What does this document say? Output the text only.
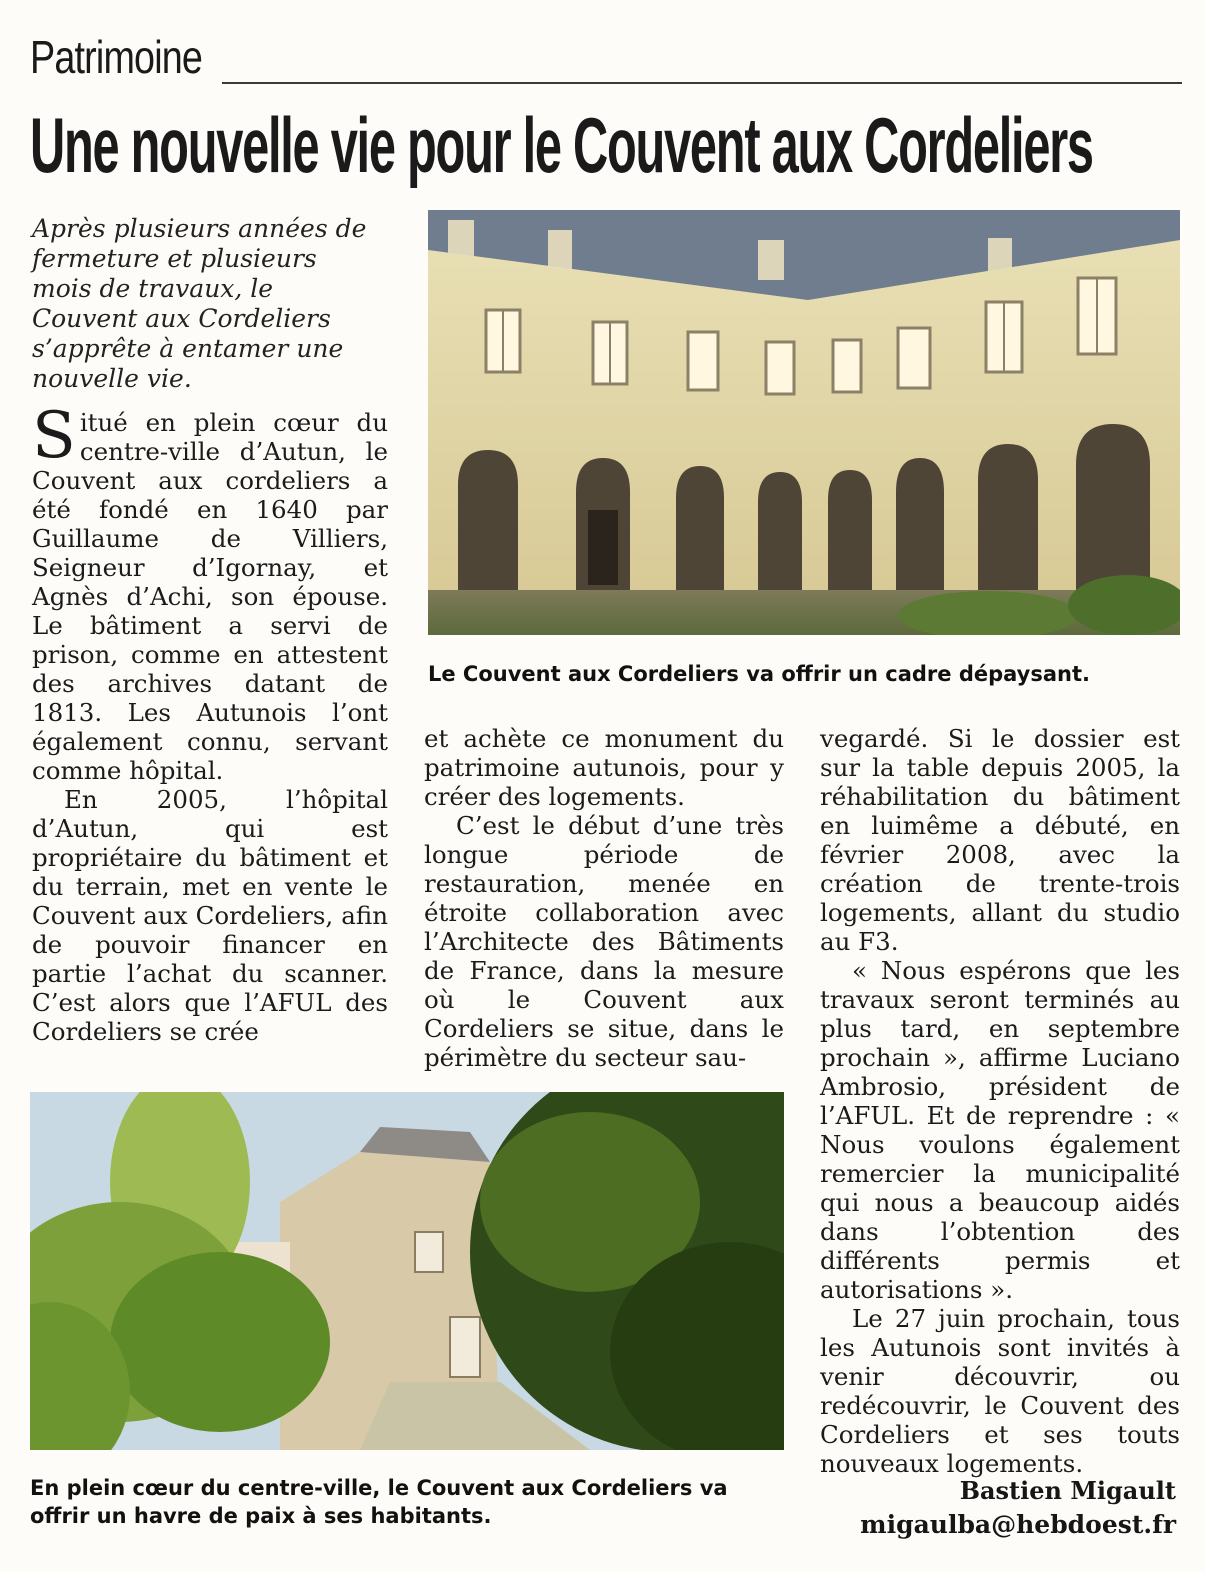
Patrimoine
Une nouvelle vie pour le Couvent aux Cordeliers
Après plusieurs années de fermeture et plusieurs mois de travaux, le Couvent aux Cordeliers s’apprête à entamer une nouvelle vie.
Le Couvent aux Cordeliers va offrir un cadre dépaysant.

Situé en plein cœur du centre-ville d’Autun, le Couvent aux cordeliers a été fondé en 1640 par Guillaume de Villiers, Seigneur d’Igornay, et Agnès d’Achi, son épouse. Le bâtiment a servi de prison, comme en attestent des archives datant de 1813. Les Autunois l’ont également connu, servant comme hôpital.

En 2005, l’hôpital d’Autun, qui est propriétaire du bâtiment et du terrain, met en vente le Couvent aux Cordeliers, afin de pouvoir financer en partie l’achat du scanner. C’est alors que l’AFUL des Cordeliers se crée

et achète ce monument du patrimoine autunois, pour y créer des logements.

C’est le début d’une très longue période de restauration, menée en étroite collaboration avec l’Architecte des Bâtiments de France, dans la mesure où le Couvent aux Cordeliers se situe, dans le périmètre du secteur sau-

vegardé. Si le dossier est sur la table depuis 2005, la réhabilitation du bâtiment en luimême a débuté, en février 2008, avec la création de trente-trois logements, allant du studio au F3.

« Nous espérons que les travaux seront terminés au plus tard, en septembre prochain », affirme Luciano Ambrosio, président de l’AFUL. Et de reprendre : « Nous voulons également remercier la municipalité qui nous a beaucoup aidés dans l’obtention des différents permis et autorisations ».

Le 27 juin prochain, tous les Autunois sont invités à venir découvrir, ou redécouvrir, le Couvent des Cordeliers et ses touts nouveaux logements.

En plein cœur du centre-ville, le Couvent aux Cordeliers va offrir un havre de paix à ses habitants.
Bastien Migault
migaulba@hebdoest.fr
